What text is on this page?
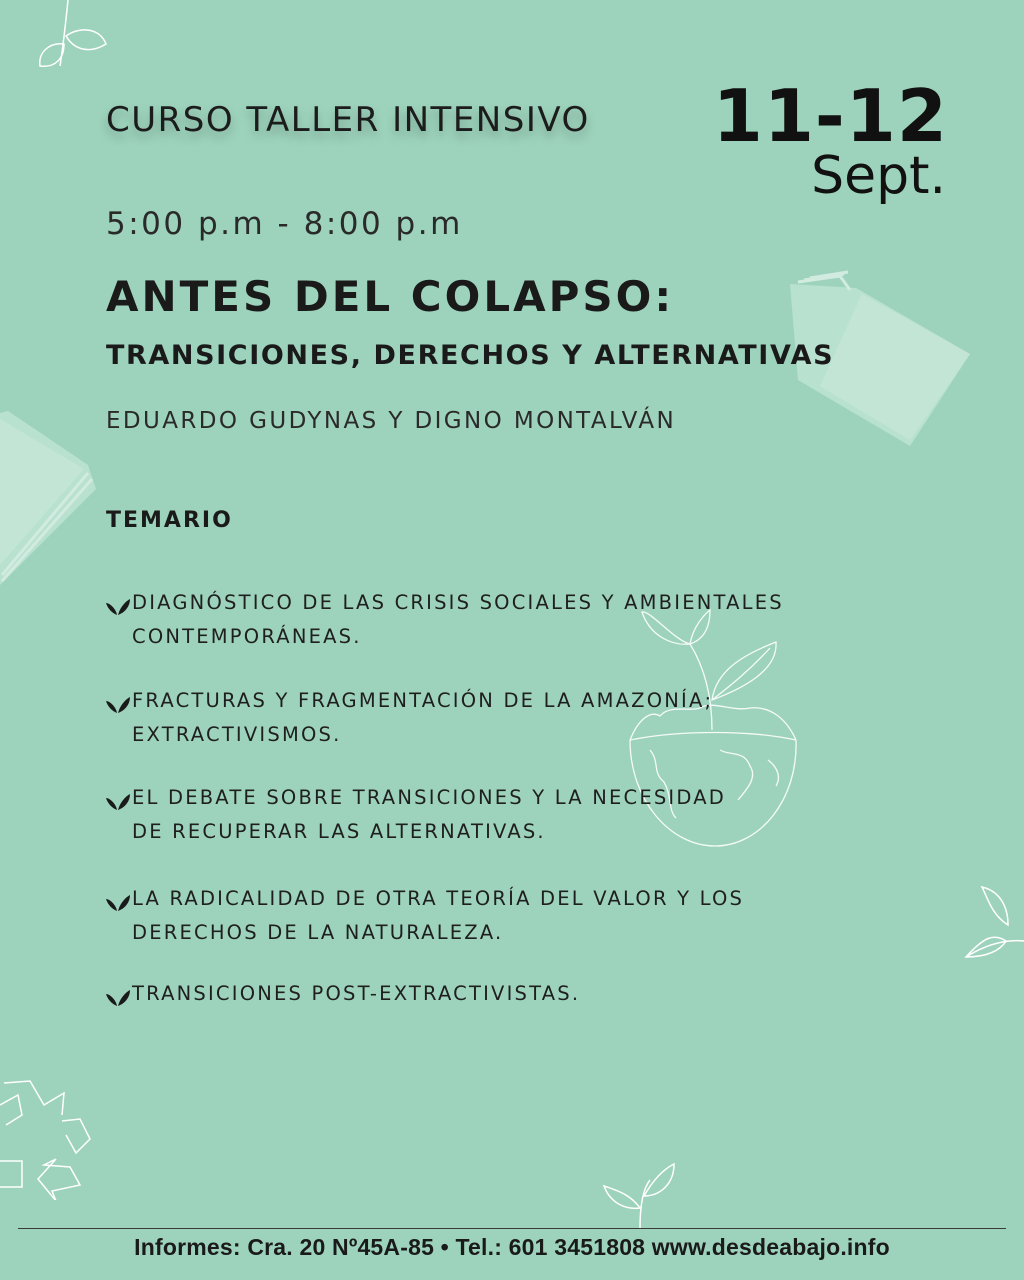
CURSO TALLER INTENSIVO 11-12
Sept.
5:00 p.m - 8:00 p.m
ANTES DEL COLAPSO:
TRANSICIONES, DERECHOS Y ALTERNATIVAS
EDUARDO GUDYNAS Y DIGNO MONTALVÁN
TEMARIO
DIAGNÓSTICO DE LAS CRISIS SOCIALES Y AMBIENTALES
CONTEMPORÁNEAS.
FRACTURAS Y FRAGMENTACIÓN DE LA AMAZONÍA;
EXTRACTIVISMOS.
EL DEBATE SOBRE TRANSICIONES Y LA NECESIDAD
DE RECUPERAR LAS ALTERNATIVAS.
LA RADICALIDAD DE OTRA TEORÍA DEL VALOR Y LOS
DERECHOS DE LA NATURALEZA.
TRANSICIONES POST-EXTRACTIVISTAS.
Informes: Cra. 20 Nº45A-85 • Tel.: 601 3451808 www.desdeabajo.info
